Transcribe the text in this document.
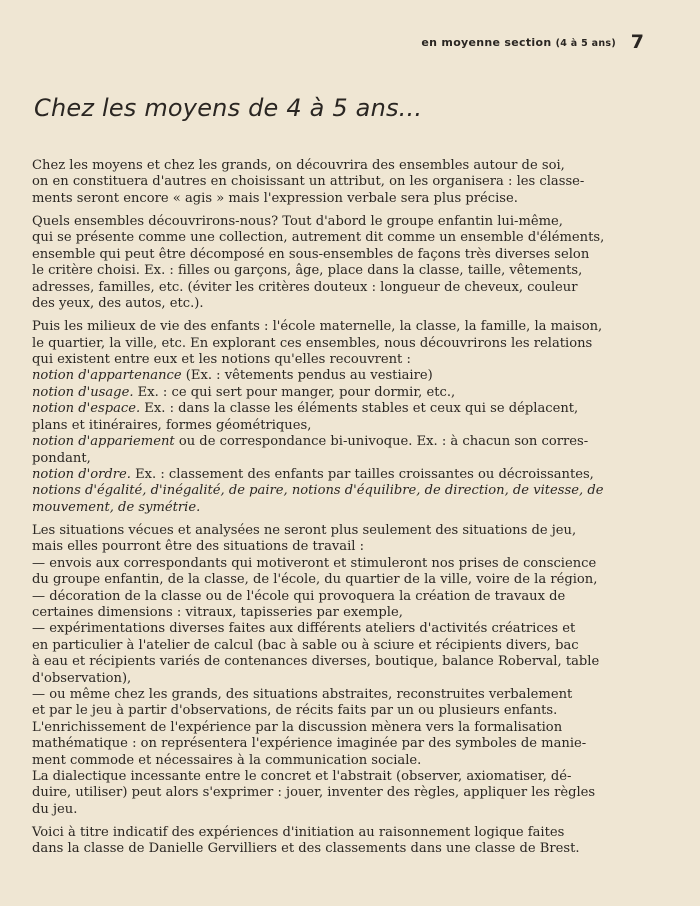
en moyenne section (4 à 5 ans) 7
Chez les moyens de 4 à 5 ans...

Chez les moyens et chez les grands, on découvrira des ensembles autour de soi,
on en constituera d'autres en choisissant un attribut, on les organisera : les classe-
ments seront encore « agis » mais l'expression verbale sera plus précise.

Quels ensembles découvrirons-nous? Tout d'abord le groupe enfantin lui-même,
qui se présente comme une collection, autrement dit comme un ensemble d'éléments,
ensemble qui peut être décomposé en sous-ensembles de façons très diverses selon
le critère choisi. Ex. : filles ou garçons, âge, place dans la classe, taille, vêtements,
adresses, familles, etc. (éviter les critères douteux : longueur de cheveux, couleur
des yeux, des autos, etc.).

Puis les milieux de vie des enfants : l'école maternelle, la classe, la famille, la maison,
le quartier, la ville, etc. En explorant ces ensembles, nous découvrirons les relations
qui existent entre eux et les notions qu'elles recouvrent :
notion d'appartenance (Ex. : vêtements pendus au vestiaire)
notion d'usage. Ex. : ce qui sert pour manger, pour dormir, etc.,
notion d'espace. Ex. : dans la classe les éléments stables et ceux qui se déplacent,
plans et itinéraires, formes géométriques,
notion d'appariement ou de correspondance bi-univoque. Ex. : à chacun son corres-
pondant,
notion d'ordre. Ex. : classement des enfants par tailles croissantes ou décroissantes,
notions d'égalité, d'inégalité, de paire, notions d'équilibre, de direction, de vitesse, de
mouvement, de symétrie.

Les situations vécues et analysées ne seront plus seulement des situations de jeu,
mais elles pourront être des situations de travail :
— envois aux correspondants qui motiveront et stimuleront nos prises de conscience
du groupe enfantin, de la classe, de l'école, du quartier de la ville, voire de la région,
— décoration de la classe ou de l'école qui provoquera la création de travaux de
certaines dimensions : vitraux, tapisseries par exemple,
— expérimentations diverses faites aux différents ateliers d'activités créatrices et
en particulier à l'atelier de calcul (bac à sable ou à sciure et récipients divers, bac
à eau et récipients variés de contenances diverses, boutique, balance Roberval, table
d'observation),
— ou même chez les grands, des situations abstraites, reconstruites verbalement
et par le jeu à partir d'observations, de récits faits par un ou plusieurs enfants.
L'enrichissement de l'expérience par la discussion mènera vers la formalisation
mathématique : on représentera l'expérience imaginée par des symboles de manie-
ment commode et nécessaires à la communication sociale.
La dialectique incessante entre le concret et l'abstrait (observer, axiomatiser, dé-
duire, utiliser) peut alors s'exprimer : jouer, inventer des règles, appliquer les règles
du jeu.

Voici à titre indicatif des expériences d'initiation au raisonnement logique faites
dans la classe de Danielle Gervilliers et des classements dans une classe de Brest.
